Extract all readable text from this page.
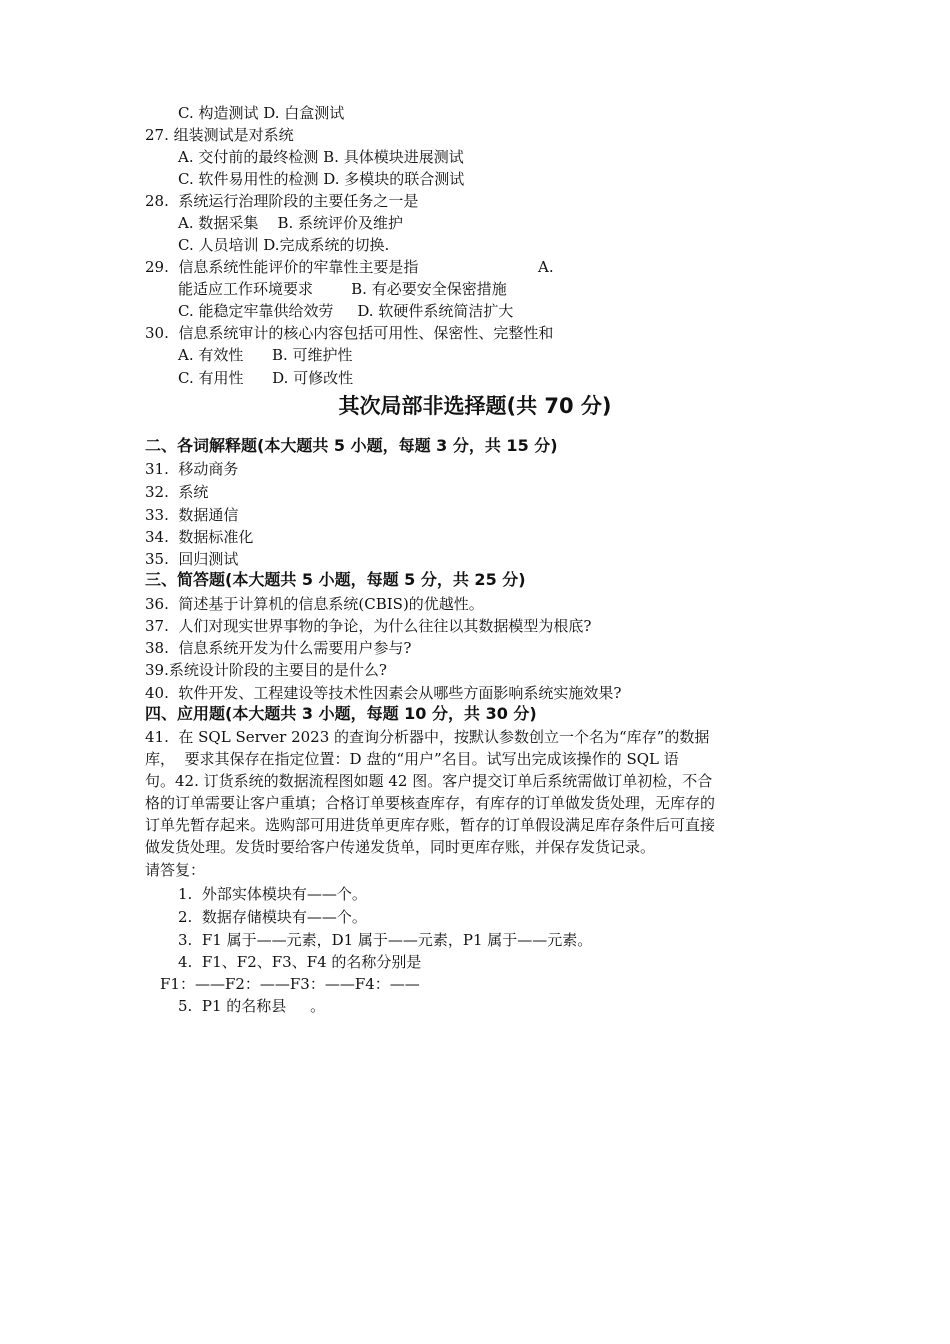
C. 构造测试 D. 白盒测试
27. 组装测试是对系统
A. 交付前的最终检测 B. 具体模块进展测试
C. 软件易用性的检测 D. 多模块的联合测试
28.  系统运行治理阶段的主要任务之一是
A. 数据采集    B. 系统评价及维护
C. 人员培训 D.完成系统的切换.
29.  信息系统性能评价的牢靠性主要是指	A.
能适应工作环境要求        B. 有必要安全保密措施
C. 能稳定牢靠供给效劳     D. 软硬件系统简洁扩大
30.  信息系统审计的核心内容包括可用性、保密性、完整性和
A. 有效性      B. 可维护性
C. 有用性      D. 可修改性
其次局部非选择题(共 70 分)
二、各词解释题(本大题共 5 小题，每题 3 分，共 15 分)
31.  移动商务
32.  系统
33.  数据通信
34.  数据标准化
35.  回归测试
三、简答题(本大题共 5 小题，每题 5 分，共 25 分)
36.  简述基于计算机的信息系统(CBIS)的优越性。
37.  人们对现实世界事物的争论，为什么往往以其数据模型为根底?
38.  信息系统开发为什么需要用户参与?
39.系统设计阶段的主要目的是什么?
40.  软件开发、工程建设等技术性因素会从哪些方面影响系统实施效果?
四、应用题(本大题共 3 小题，每题 10 分，共 30 分)
41.  在 SQL Server 2023 的查询分析器中，按默认参数创立一个名为“库存”的数据
库，  要求其保存在指定位置：D 盘的“用户”名目。试写出完成该操作的 SQL 语
句。42. 订货系统的数据流程图如题 42 图。客户提交订单后系统需做订单初检，不合
格的订单需要让客户重填；合格订单要核查库存，有库存的订单做发货处理，无库存的
订单先暂存起来。选购部可用进货单更库存账，暂存的订单假设满足库存条件后可直接
做发货处理。发货时要给客户传递发货单，同时更库存账，并保存发货记录。
请答复：
1.  外部实体模块有——个。
2.  数据存储模块有——个。
3.  F1 属于——元素，D1 属于——元素，P1 属于——元素。
4.  F1、F2、F3、F4 的名称分别是
F1：——F2：——F3：——F4：——
5.  P1 的名称县     。
